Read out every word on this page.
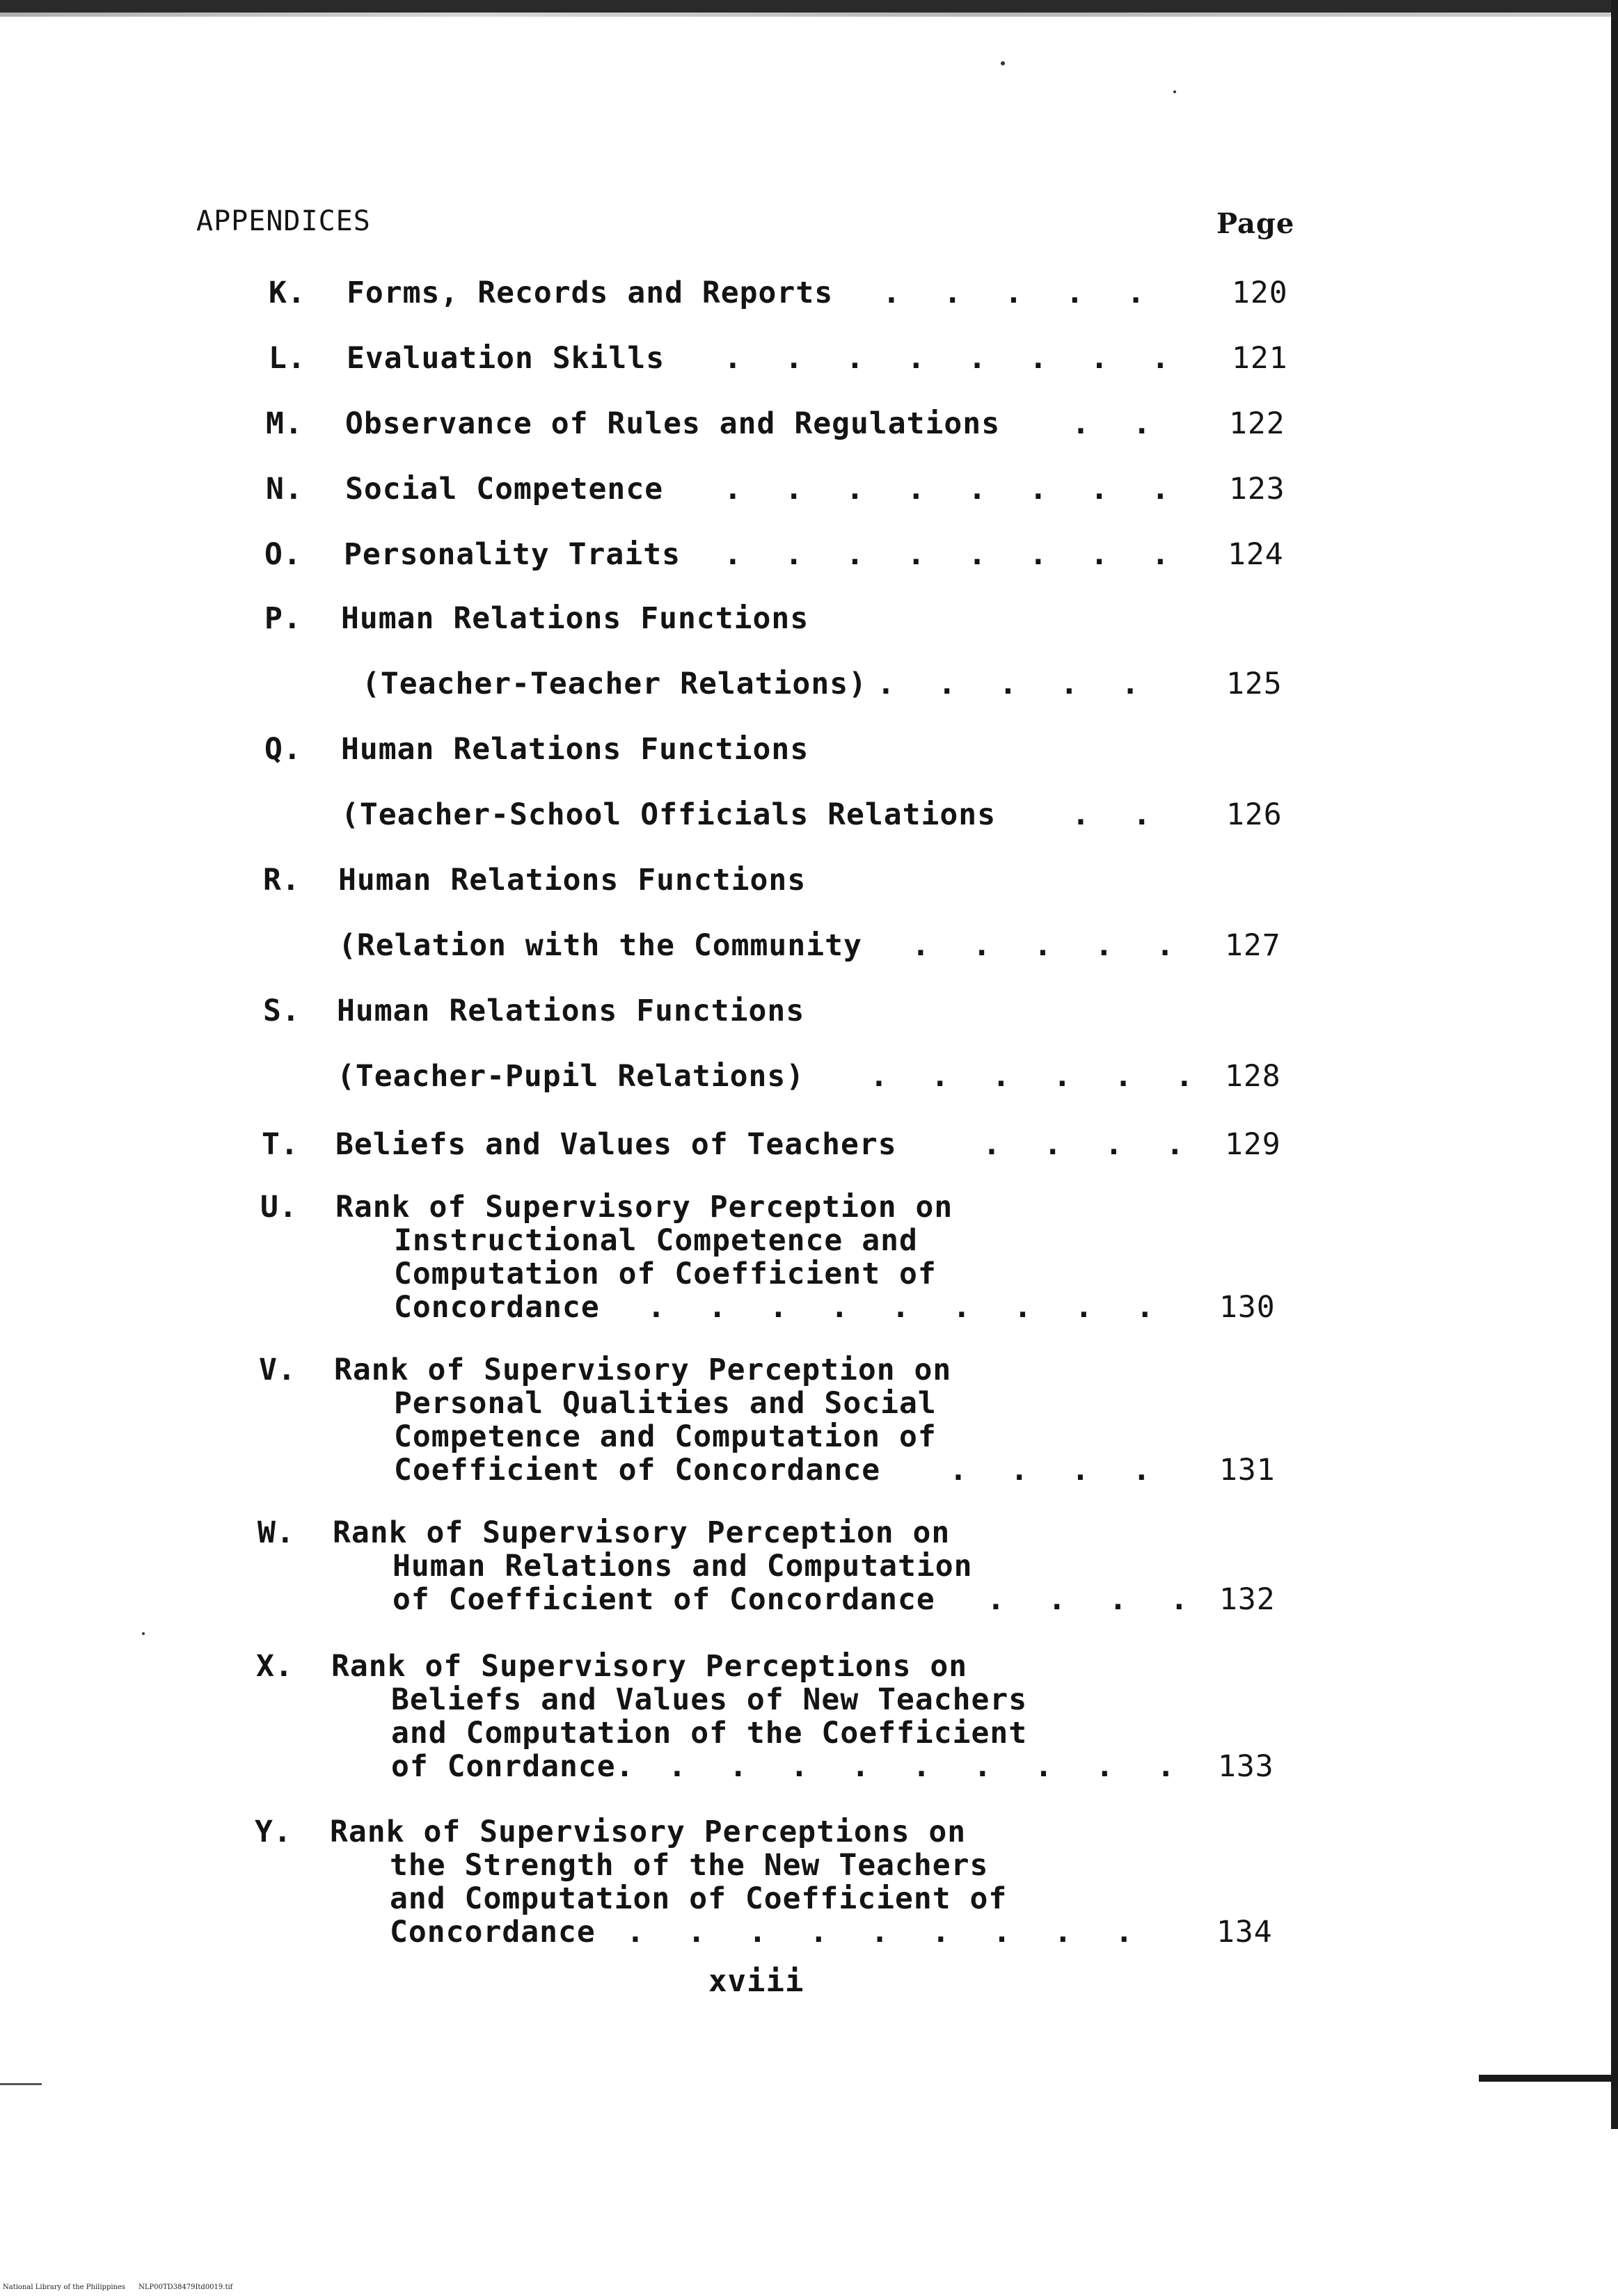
APPENDICES	Page
K. Forms, Records and Reports . . . . . 120
L. Evaluation Skills . . . . . . . . 121
M. Observance of Rules and Regulations . . 122
N. Social Competence . . . . . . . . 123
O. Personality Traits . . . . . . . . 124
P. Human Relations Functions
(Teacher-Teacher Relations) . . . . . 125
Q. Human Relations Functions
(Teacher-School Officials Relations	. . 126
R. Human Relations Functions
(Relation with the Community . . . . . 127
S. Human Relations Functions
(Teacher-Pupil Relations) . . . . . . 128
T. Beliefs and Values of Teachers	. . . . 129
U. Rank of Supervisory Perception on
Instructional Competence and
Computation of Coefficient of
Concordance . . . . . . . . . 130
V. Rank of Supervisory Perception on
Personal Qualities and Social
Competence and Computation of
Coefficient of Concordance . . . . 131
W. Rank of Supervisory Perception on
Human Relations and Computation
of Coefficient of Concordance . . . . 132
X. Rank of Supervisory Perceptions on
Beliefs and Values of New Teachers
and Computation of the Coefficient
of Conrdance. . . . . . . . . . 133
Y. Rank of Supervisory Perceptions on
the Strength of the New Teachers
and Computation of Coefficient of
Concordance . . . . . . . . . 134
xviii
National Library of the Philippines NLP00TD38479Itd0019.tif
